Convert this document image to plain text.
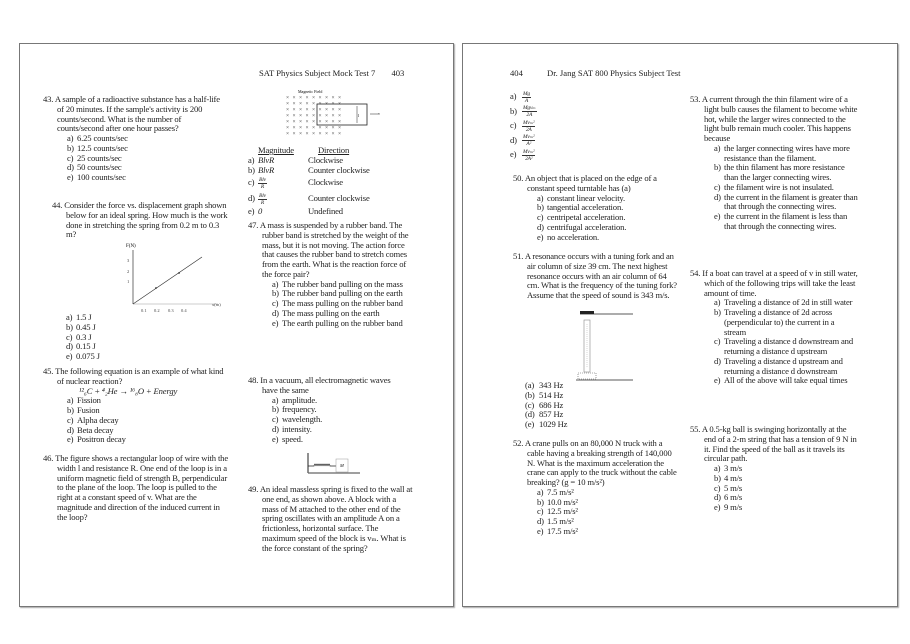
SAT Physics Subject Mock Test 7 403	404	Dr. Jang SAT 800 Physics Subject Test
43. A sample of a radioactive substance has a half-life of 20 minutes. If the sample's activity is 200 counts/second. What is the number of counts/second after one hour passes?
a) 6.25 counts/sec
b) 12.5 counts/sec
c) 25 counts/sec
d) 50 counts/sec
e) 100 counts/sec
44. Consider the force vs. displacement graph shown below for an ideal spring. How much is the work done in stretching the spring from 0.2 m to 0.3 m?
a) 1.5 J
b) 0.45 J
c) 0.3 J
d) 0.15 J
e) 0.075 J
45. The following equation is an example of what kind of nuclear reaction?
¹²₆C + ⁴₂He → ¹⁶₈O + Energy
a) Fission
b) Fusion
c) Alpha decay
d) Beta decay
e) Positron decay
46. The figure shows a rectangular loop of wire with the width l and resistance R. One end of the loop is in a uniform magnetic field of strength B, perpendicular to the plane of the loop. The loop is pulled to the right at a constant speed of v. What are the magnitude and direction of the induced current in the loop?
Magnitude	Direction
a) BlvR	Clockwise
b) BlvR	Counter clockwise
$c) \frac{\text{Blv}}{R}$	Clockwise
$d) \frac{\text{Blv}}{R}$	Counter clockwise
e) 0	Undefined
47. A mass is suspended by a rubber band. The rubber band is stretched by the weight of the mass, but it is not moving. The action force that causes the rubber band to stretch comes from the earth. What is the reaction force of the force pair?
a) The rubber band pulling on the mass
b) The rubber band pulling on the earth
c) The mass pulling on the rubber band
d) The mass pulling on the earth
e) The earth pulling on the rubber band
48. In a vacuum, all electromagnetic waves have the same
a) amplitude.
b) frequency.
c) wavelength.
d) intensity.
e) speed.
49. An ideal massless spring is fixed to the wall at one end, as shown above. A block with a mass of M attached to the other end of the spring oscillates with an amplitude A on a frictionless, horizontal surface. The maximum speed of the block is vₘ. What is the force constant of the spring?
a)	$\frac{Mg}{A}$
$b) \frac{\text{Mgvₘ}}{2A}$
c)	$\frac{\text{Mvₘ²}}{2A}$
$d) \frac{\text{Mvₘ²}}{\text{A²}}$
e)	$\frac{\text{Mvₘ²}}{\text{2A²}}$
50. An object that is placed on the edge of a constant speed turntable has (a)
a) constant linear velocity.
b) tangential acceleration.
c) centripetal acceleration.
d) centrifugal acceleration.
e) no acceleration.
51. A resonance occurs with a tuning fork and an air column of size 39 cm. The next highest resonance occurs with an air column of 64 cm. What is the frequency of the tuning fork? Assume that the speed of sound is 343 m/s.
(a) 343 Hz
(b) 514 Hz
(c) 686 Hz
(d) 857 Hz
(e) 1029 Hz
52. A crane pulls on an 80,000 N truck with a cable having a breaking strength of 140,000 N. What is the maximum acceleration the crane can apply to the truck without the cable breaking? (g = 10 m/s²)
a) 7.5 m/s²
b) 10.0 m/s²
c) 12.5 m/s²
d) 1.5 m/s²
e) 17.5 m/s²
53. A current through the thin filament wire of a light bulb causes the filament to become white hot, while the larger wires connected to the light bulb remain much cooler. This happens because
a) the larger connecting wires have more resistance than the filament.
b) the thin filament has more resistance than the larger connecting wires.
c) the filament wire is not insulated.
d) the current in the filament is greater than that through the connecting wires.
e) the current in the filament is less than that through the connecting wires.
54. If a boat can travel at a speed of v in still water, which of the following trips will take the least amount of time.
a) Traveling a distance of 2d in still water
b) Traveling a distance of 2d across (perpendicular to) the current in a stream
c) Traveling a distance d downstream and returning a distance d upstream
d) Traveling a distance d upstream and returning a distance d downstream
e) All of the above will take equal times
55. A 0.5-kg ball is swinging horizontally at the end of a 2-m string that has a tension of 9 N in it. Find the speed of the ball as it travels its circular path.
a) 3 m/s
b) 4 m/s
c) 5 m/s
d) 6 m/s
e) 9 m/s
F(N)
3
2
1
0.1 0.2 0.3 0.4
x(m)
Magnetic Field
l	v
× × × × × × × × ×
× × × × × × × × ×
× × × × × × × × ×
× × × × × × × × ×
× × × × × × × × ×
× × × × × × × × ×
× × × × × × × × ×
M
